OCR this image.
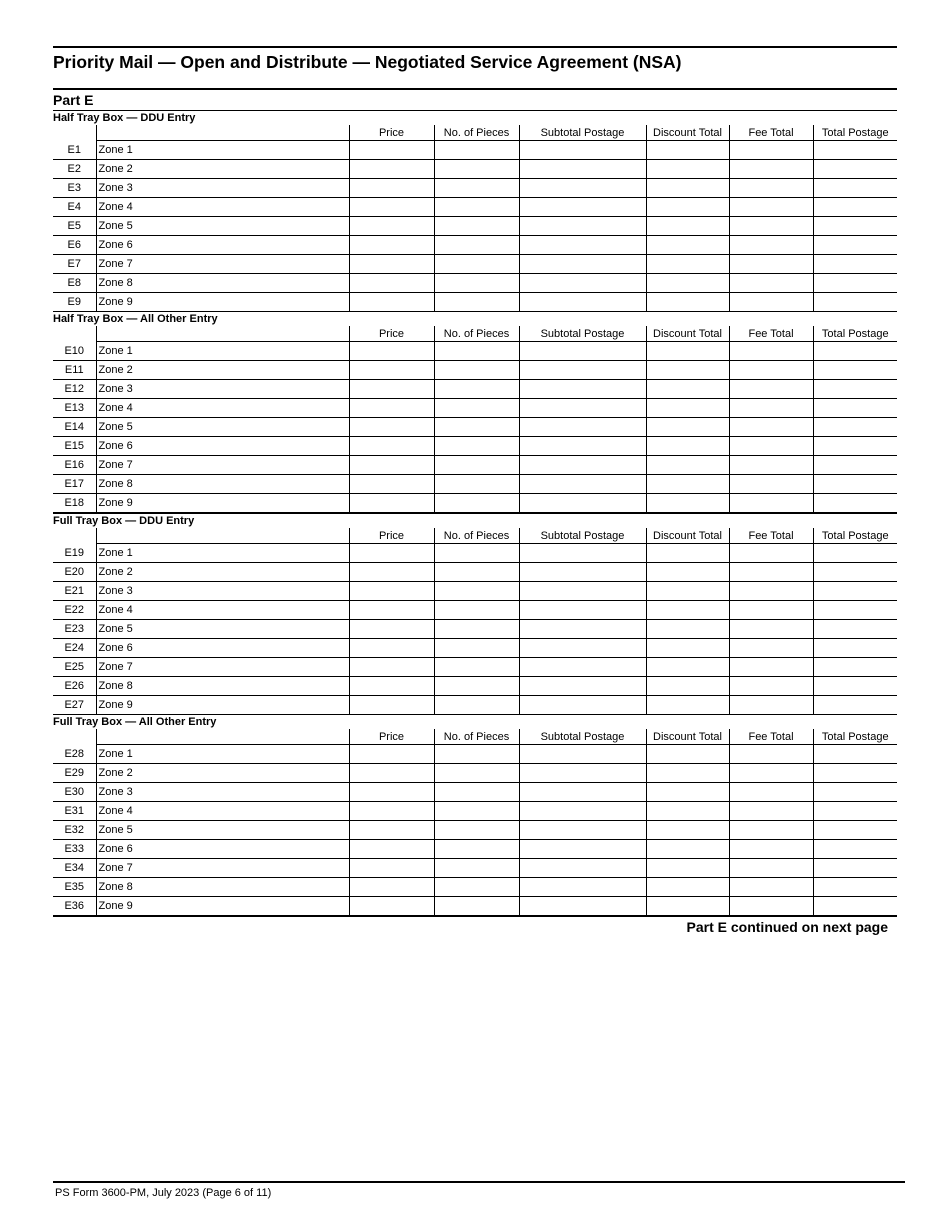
Priority Mail — Open and Distribute — Negotiated Service Agreement (NSA)
Part E
Half Tray Box — DDU Entry
		Price	No. of Pieces	Subtotal Postage	Discount Total	Fee Total	Total Postage
E1	Zone 1						
E2	Zone 2						
E3	Zone 3						
E4	Zone 4						
E5	Zone 5						
E6	Zone 6						
E7	Zone 7						
E8	Zone 8						
E9	Zone 9						
Half Tray Box — All Other Entry
		Price	No. of Pieces	Subtotal Postage	Discount Total	Fee Total	Total Postage
E10	Zone 1						
E11	Zone 2						
E12	Zone 3						
E13	Zone 4						
E14	Zone 5						
E15	Zone 6						
E16	Zone 7						
E17	Zone 8						
E18	Zone 9						
Full Tray Box — DDU Entry
		Price	No. of Pieces	Subtotal Postage	Discount Total	Fee Total	Total Postage
E19	Zone 1						
E20	Zone 2						
E21	Zone 3						
E22	Zone 4						
E23	Zone 5						
E24	Zone 6						
E25	Zone 7						
E26	Zone 8						
E27	Zone 9						
Full Tray Box — All Other Entry
		Price	No. of Pieces	Subtotal Postage	Discount Total	Fee Total	Total Postage
E28	Zone 1						
E29	Zone 2						
E30	Zone 3						
E31	Zone 4						
E32	Zone 5						
E33	Zone 6						
E34	Zone 7						
E35	Zone 8						
E36	Zone 9						
Part E continued on next page
PS Form 3600-PM, July 2023 (Page 6 of 11)
